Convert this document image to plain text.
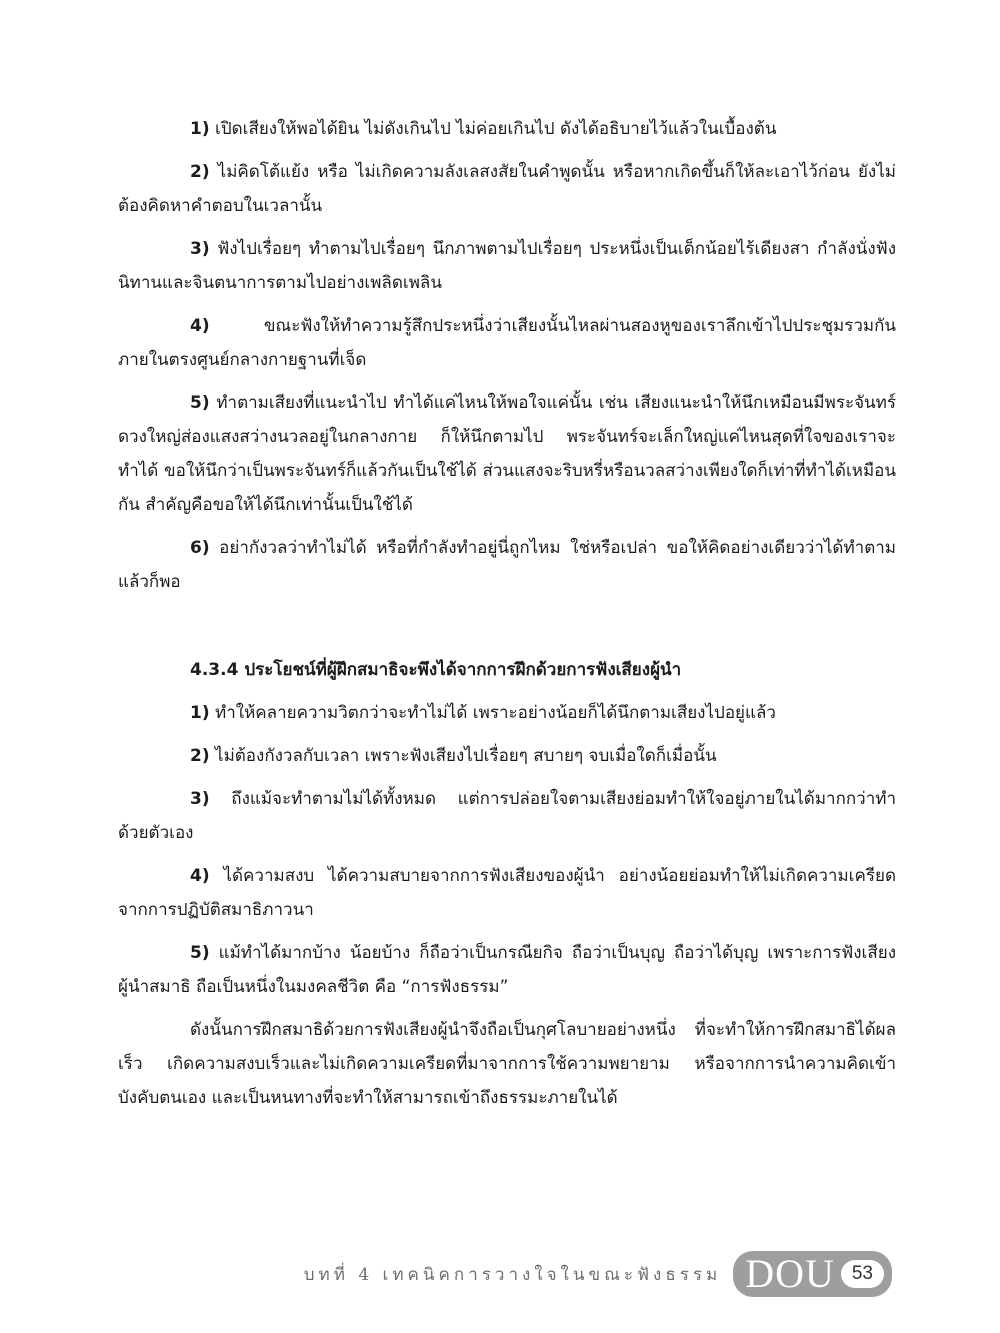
1) เปิดเสียงให้พอได้ยิน ไม่ดังเกินไป ไม่ค่อยเกินไป ดังได้อธิบายไว้แล้วในเบื้องต้น

2) ไม่คิดโต้แย้ง หรือ ไม่เกิดความลังเลสงสัยในคำพูดนั้น หรือหากเกิดขึ้นก็ให้ละเอาไว้ก่อน ยังไม่ต้องคิดหาคำตอบในเวลานั้น

3) ฟังไปเรื่อยๆ ทำตามไปเรื่อยๆ นึกภาพตามไปเรื่อยๆ ประหนึ่งเป็นเด็กน้อยไร้เดียงสา กำลังนั่งฟังนิทานและจินตนาการตามไปอย่างเพลิดเพลิน

4)	ขณะฟังให้ทำความรู้สึกประหนึ่งว่าเสียงนั้นไหลผ่านสองหูของเราลึกเข้าไปประชุมรวมกันภายในตรงศูนย์กลางกายฐานที่เจ็ด

5) ทำตามเสียงที่แนะนำไป ทำได้แค่ไหนให้พอใจแค่นั้น เช่น เสียงแนะนำให้นึกเหมือนมีพระจันทร์ดวงใหญ่ส่องแสงสว่างนวลอยู่ในกลางกาย ก็ให้นึกตามไป พระจันทร์จะเล็กใหญ่แค่ไหนสุดที่ใจของเราจะทำได้ ขอให้นึกว่าเป็นพระจันทร์ก็แล้วกันเป็นใช้ได้ ส่วนแสงจะริบหรี่หรือนวลสว่างเพียงใดก็เท่าที่ทำได้เหมือนกัน สำคัญคือขอให้ได้นึกเท่านั้นเป็นใช้ได้

6) อย่ากังวลว่าทำไม่ได้ หรือที่กำลังทำอยู่นี่ถูกไหม ใช่หรือเปล่า ขอให้คิดอย่างเดียวว่าได้ทำตามแล้วก็พอ

4.3.4 ประโยชน์ที่ผู้ฝึกสมาธิจะพึงได้จากการฝึกด้วยการฟังเสียงผู้นำ

1) ทำให้คลายความวิตกว่าจะทำไม่ได้ เพราะอย่างน้อยก็ได้นึกตามเสียงไปอยู่แล้ว

2) ไม่ต้องกังวลกับเวลา เพราะฟังเสียงไปเรื่อยๆ สบายๆ จบเมื่อใดก็เมื่อนั้น

3) ถึงแม้จะทำตามไม่ได้ทั้งหมด แต่การปล่อยใจตามเสียงย่อมทำให้ใจอยู่ภายในได้มากกว่าทำ ด้วยตัวเอง

4) ได้ความสงบ ได้ความสบายจากการฟังเสียงของผู้นำ อย่างน้อยย่อมทำให้ไม่เกิดความเครียดจากการปฏิบัติสมาธิภาวนา

5) แม้ทำได้มากบ้าง น้อยบ้าง ก็ถือว่าเป็นกรณียกิจ ถือว่าเป็นบุญ ถือว่าได้บุญ เพราะการฟังเสียงผู้นำสมาธิ ถือเป็นหนึ่งในมงคลชีวิต คือ “การฟังธรรม”

ดังนั้นการฝึกสมาธิด้วยการฟังเสียงผู้นำจึงถือเป็นกุศโลบายอย่างหนึ่ง ที่จะทำให้การฝึกสมาธิได้ผลเร็ว เกิดความสงบเร็วและไม่เกิดความเครียดที่มาจากการใช้ความพยายาม หรือจากการนำความคิดเข้าบังคับตนเอง และเป็นหนทางที่จะทำให้สามารถเข้าถึงธรรมะภายในได้

บทที่ 4 เทคนิคการวางใจในขณะฟังธรรม DOU 53
